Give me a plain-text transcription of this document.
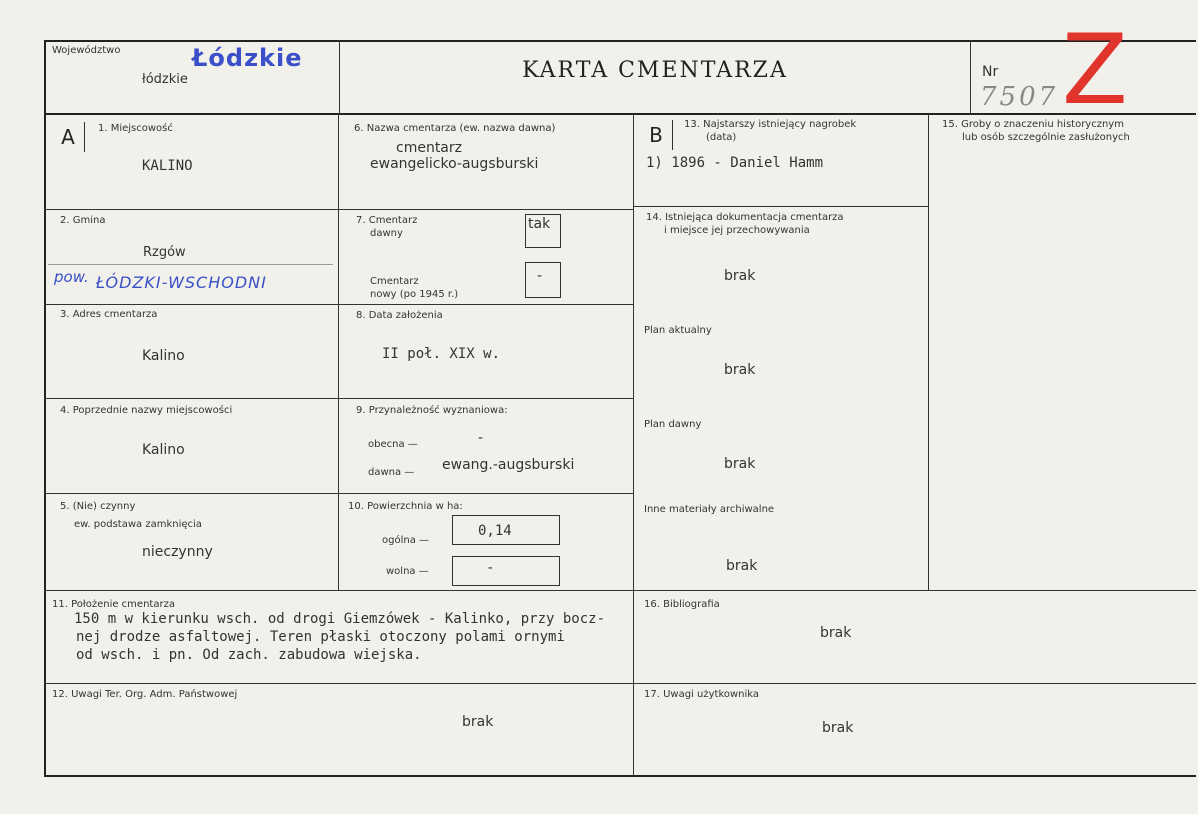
Województwo
łódzkie
Łódzkie	KARTA CMENTARZA	Nr
7507 Z
A	1. Miejscowość
KALINO
2. Gmina
Rzgów
pow. ŁÓDZKI-WSCHODNI
3. Adres cmentarza
Kalino
4. Poprzednie nazwy miejscowości
Kalino
5. (Nie) czynny
ew. podstawa zamknięcia
nieczynny
6. Nazwa cmentarza (ew. nazwa dawna)
cmentarz
ewangelicko-augsburski
7. Cmentarz
dawny
tak
Cmentarz
nowy (po 1945 r.)
-
8. Data założenia
II poł. XIX w.
9. Przynależność wyznaniowa:
obecna —	-
dawna — ewang.-augsburski
10. Powierzchnia w ha:
ogólna —
0,14
wolna —	-
B	13. Najstarszy istniejący nagrobek
(data)
1) 1896 - Daniel Hamm
14. Istniejąca dokumentacja cmentarza
i miejsce jej przechowywania
brak
Plan aktualny
brak
Plan dawny
brak
Inne materiały archiwalne
brak
15. Groby o znaczeniu historycznym
lub osób szczególnie zasłużonych
16. Bibliografia
brak
17. Uwagi użytkownika
brak
11. Położenie cmentarza
150 m w kierunku wsch. od drogi Giemzówek - Kalinko, przy bocz-
nej drodze asfaltowej. Teren płaski otoczony polami ornymi
od wsch. i pn. Od zach. zabudowa wiejska.
12. Uwagi Ter. Org. Adm. Państwowej
brak
